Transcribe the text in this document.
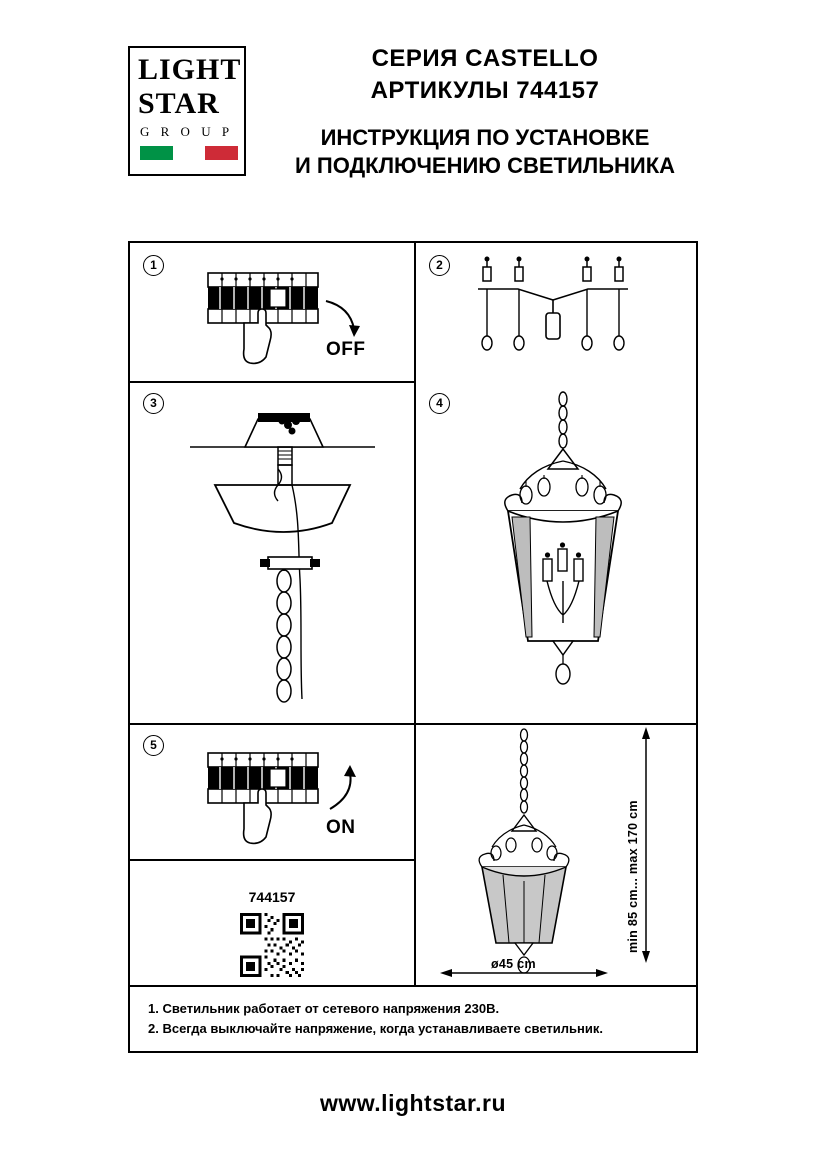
LIGHT
STAR
G R O U P
СЕРИЯ CASTELLO
АРТИКУЛЫ 744157
ИНСТРУКЦИЯ ПО УСТАНОВКЕ
И ПОДКЛЮЧЕНИЮ СВЕТИЛЬНИКА
1
OFF
2
3	4
5
ON
744157	min 85 cm... max 170 cm
ø45 cm
1. Светильник работает от сетевого напряжения 230В.
2. Всегда выключайте напряжение, когда устанавливаете светильник.
www.lightstar.ru
